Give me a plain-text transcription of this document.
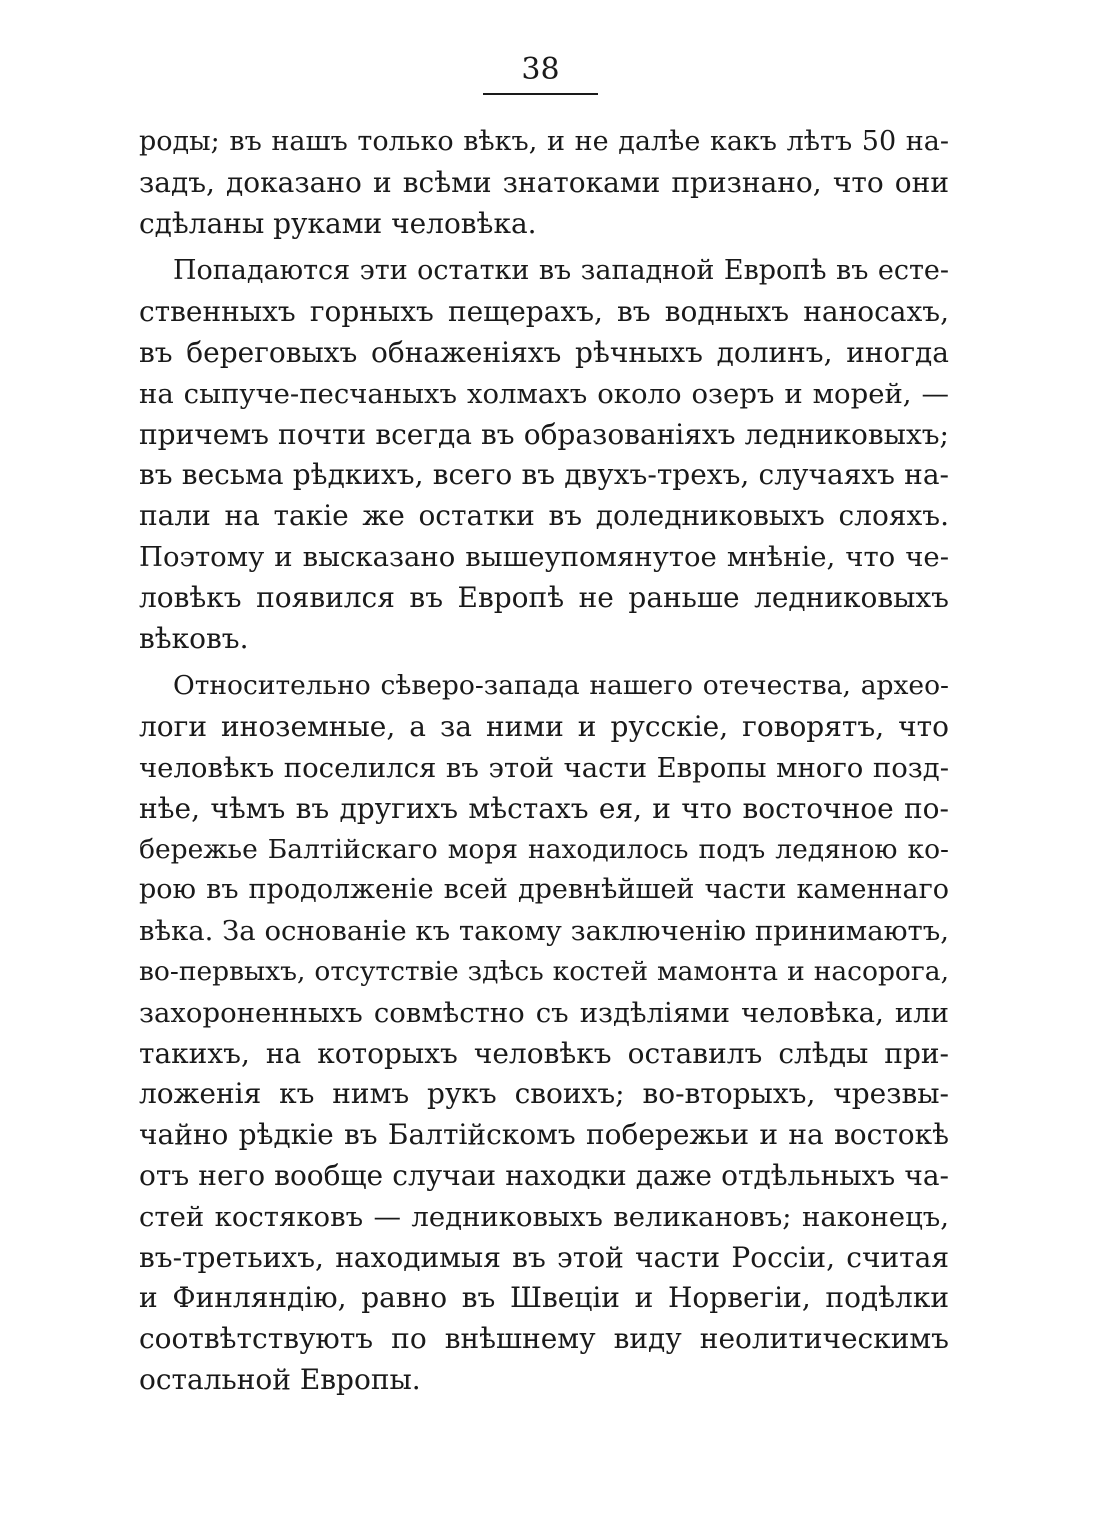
38
роды; въ нашъ только вѣкъ, и не далѣе какъ лѣтъ 50 на-
задъ, доказано и всѣми знатоками признано, что они
сдѣланы руками человѣка.
Попадаются эти остатки въ западной Европѣ въ есте-
ственныхъ горныхъ пещерахъ, въ водныхъ наносахъ,
въ береговыхъ обнаженiяхъ рѣчныхъ долинъ, иногда
на сыпуче-песчаныхъ холмахъ около озеръ и морей, —
причемъ почти всегда въ образованiяхъ ледниковыхъ;
въ весьма рѣдкихъ, всего въ двухъ-трехъ, случаяхъ на-
пали на такiе же остатки въ доледниковыхъ слояхъ.
Поэтому и высказано вышеупомянутое мнѣнiе, что че-
ловѣкъ появился въ Европѣ не раньше ледниковыхъ
вѣковъ.
Относительно сѣверо-запада нашего отечества, архео-
логи иноземные, а за ними и русскiе, говорятъ, что
человѣкъ поселился въ этой части Европы много позд-
нѣе, чѣмъ въ другихъ мѣстахъ ея, и что восточное по-
бережье Балтiйскаго моря находилось подъ ледяною ко-
рою въ продолженiе всей древнѣйшей части каменнаго
вѣка. За основанiе къ такому заключенiю принимаютъ,
во-первыхъ, отсутствiе здѣсь костей мамонта и насорога,
захороненныхъ совмѣстно съ издѣлiями человѣка, или
такихъ, на которыхъ человѣкъ оставилъ слѣды при-
ложенiя къ нимъ рукъ своихъ; во-вторыхъ, чрезвы-
чайно рѣдкiе въ Балтiйскомъ побережьи и на востокѣ
отъ него вообще случаи находки даже отдѣльныхъ ча-
стей костяковъ — ледниковыхъ великановъ; наконецъ,
въ-третьихъ, находимыя въ этой части Россiи, считая
и Финляндiю, равно въ Швецiи и Норвегiи, подѣлки
соотвѣтствуютъ по внѣшнему виду неолитическимъ
остальной Европы.
